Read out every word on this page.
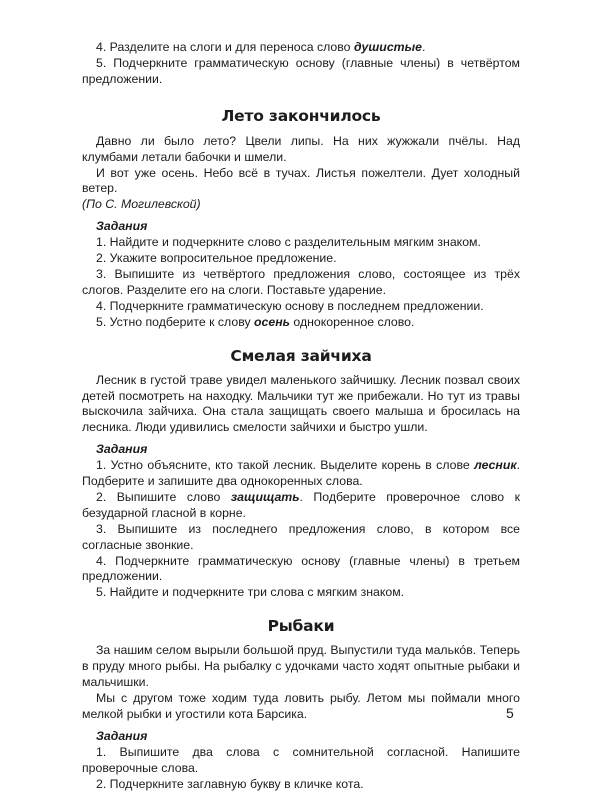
4. Разделите на слоги и для переноса слово душистые.

5. Подчеркните грамматическую основу (главные члены) в четвёртом предложении.

Лето закончилось

Давно ли было лето? Цвели липы. На них жужжали пчёлы. Над клумбами летали бабочки и шмели.

И вот уже осень. Небо всё в тучах. Листья пожелтели. Дует холодный ветер.

(По С. Могилевской)

Задания

1. Найдите и подчеркните слово с разделительным мягким знаком.

2. Укажите вопросительное предложение.

3. Выпишите из четвёртого предложения слово, состоящее из трёх слогов. Разделите его на слоги. Поставьте ударение.

4. Подчеркните грамматическую основу в последнем предложении.

5. Устно подберите к слову осень однокоренное слово.

Смелая зайчиха

Лесник в густой траве увидел маленького зайчишку. Лесник позвал своих детей посмотреть на находку. Мальчики тут же прибежали. Но тут из травы выскочила зайчиха. Она стала защищать своего малыша и бросилась на лесника. Люди удивились смелости зайчихи и быстро ушли.

Задания

1. Устно объясните, кто такой лесник. Выделите корень в слове лесник. Подберите и запишите два однокоренных слова.

2. Выпишите слово защищать. Подберите проверочное слово к безударной гласной в корне.

3. Выпишите из последнего предложения слово, в котором все согласные звонкие.

4. Подчеркните грамматическую основу (главные члены) в третьем предложении.

5. Найдите и подчеркните три слова с мягким знаком.

Рыбаки

За нашим селом вырыли большой пруд. Выпустили туда малькóв. Теперь в пруду много рыбы. На рыбалку с удочками часто ходят опытные рыбаки и мальчишки.

Мы с другом тоже ходим туда ловить рыбу. Летом мы поймали много мелкой рыбки и угостили кота Барсика.

Задания

1. Выпишите два слова с сомнительной согласной. Напишите проверочные слова.

2. Подчеркните заглавную букву в кличке кота.

5
